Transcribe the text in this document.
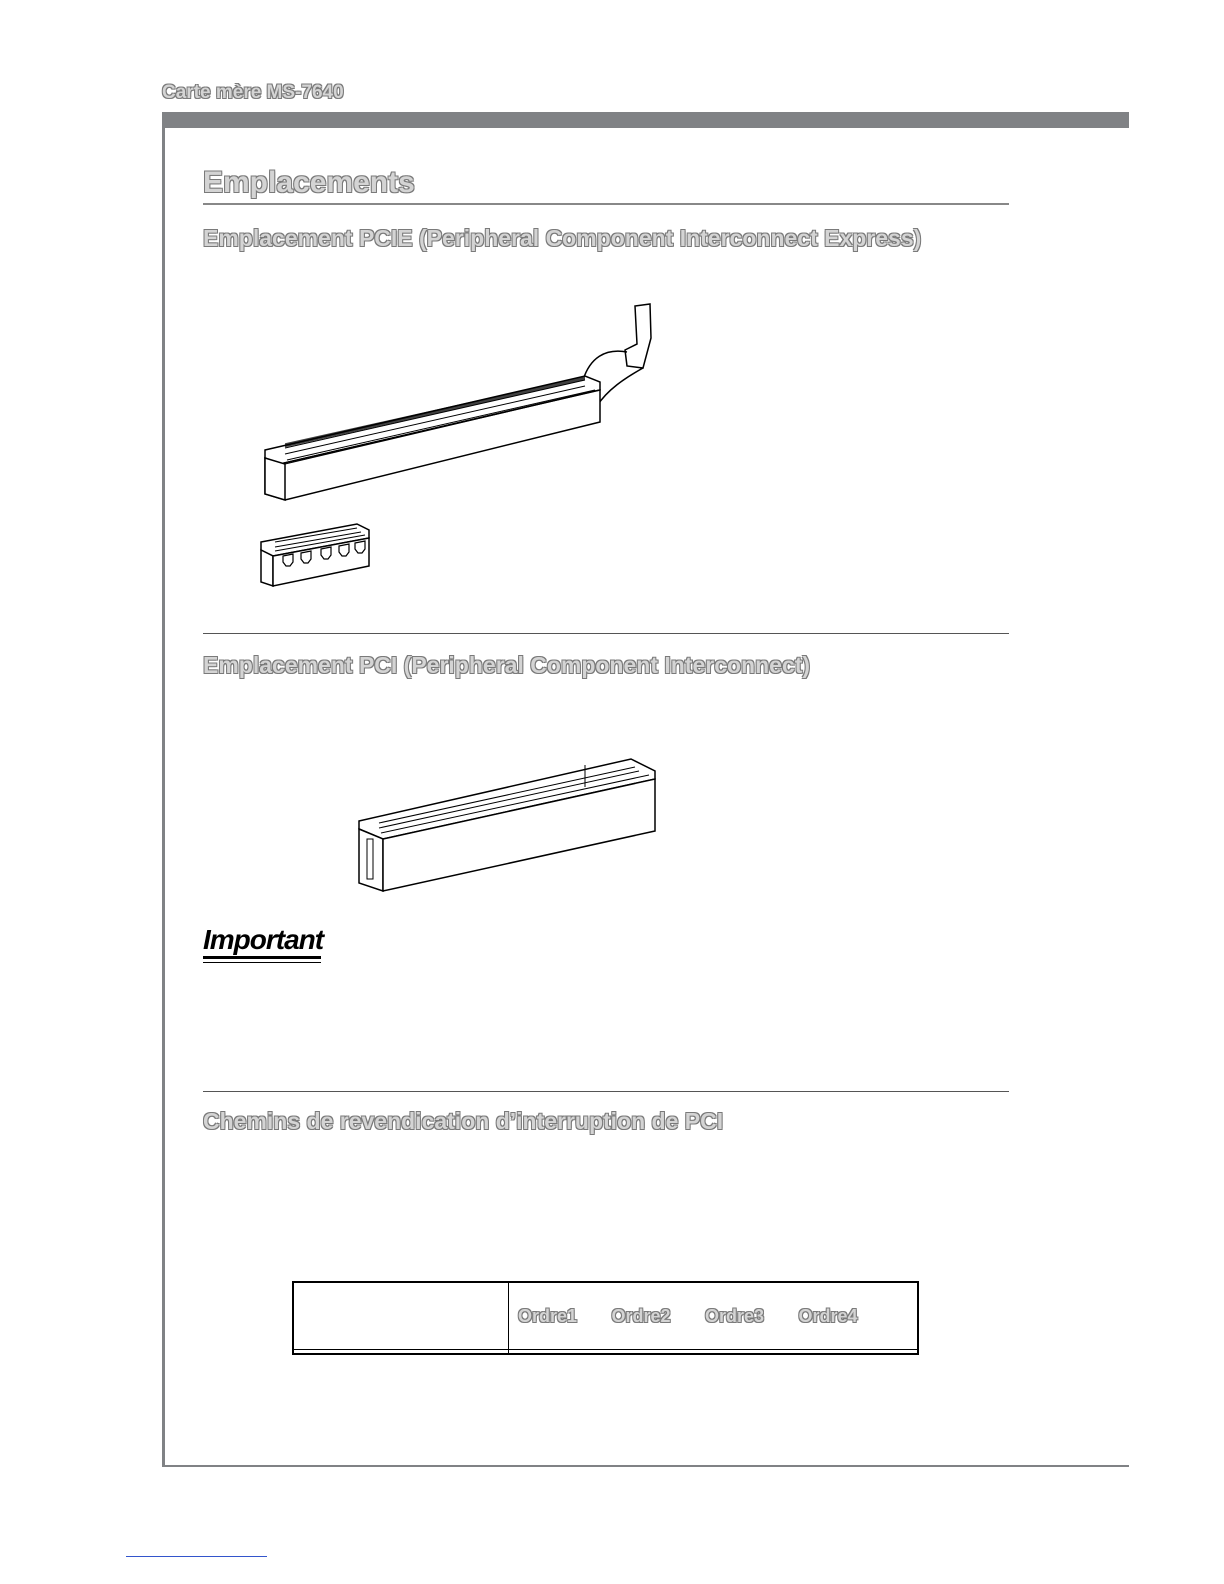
Carte mère MS-7640
Emplacements
Emplacement PCIE (Peripheral Component Interconnect Express)
Emplacement PCI (Peripheral Component Interconnect)
Important
Chemins de revendication d’interruption de PCI
	Ordre1 Ordre2 Ordre3 Ordre4
